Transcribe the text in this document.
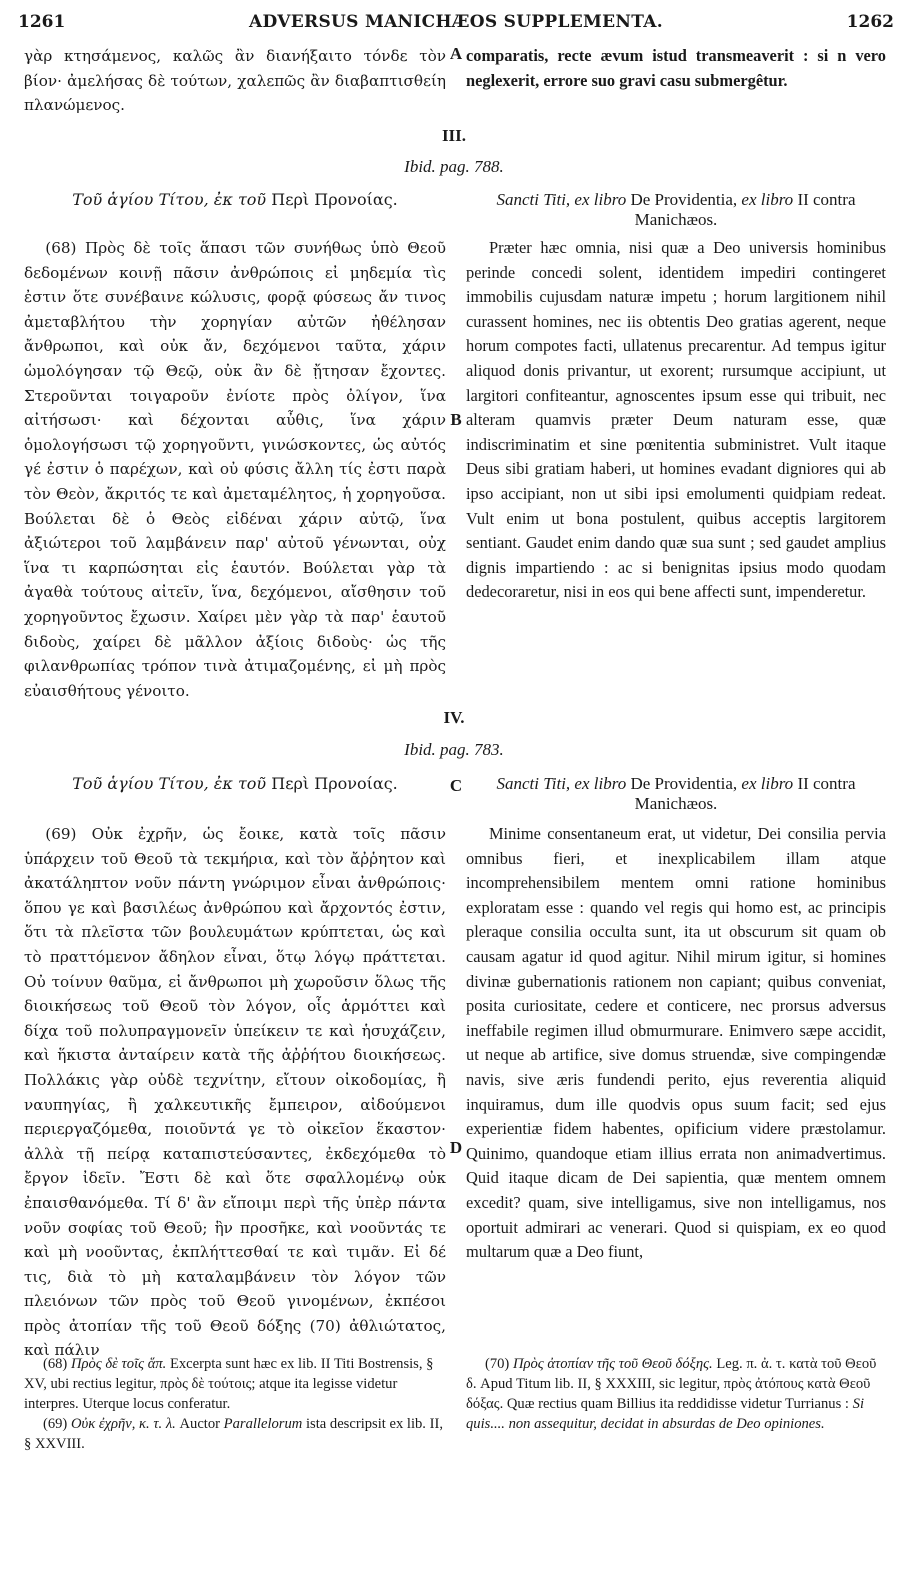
1261	ADVERSUS MANICHÆOS SUPPLEMENTA.	1262
γὰρ κτησάμενος, καλῶς ἂν διανήξαιτο τόνδε τὸν βίον· ἀμελήσας δὲ τούτων, χαλεπῶς ἂν διαβαπτισθείη πλανώμενος.
A comparatis, recte ævum istud transmeaverit : si n vero neglexerit, errore suo gravi casu submergêtur.
III.
Ibid. pag. 788.
Τοῦ ἁγίου Τίτου, ἐκ τοῦ Περὶ Προνοίας.	Sancti Titi, ex libro De Providentia, ex libro II contra Manichæos.

(68) Πρὸς δὲ τοῖς ἅπασι τῶν συνήθως ὑπὸ Θεοῦ δεδομένων κοινῇ πᾶσιν ἀνθρώποις εἰ μηδεμία τὶς ἐστιν ὅτε συνέβαινε κώλυσις, φορᾷ φύσεως ἄν τινος ἀμεταβλήτου τὴν χορηγίαν αὐτῶν ἠθέλησαν ἄνθρωποι, καὶ οὐκ ἄν, δεχόμενοι ταῦτα, χάριν ὡμολόγησαν τῷ Θεῷ, οὐκ ἂν δὲ ᾔτησαν ἔχοντες. Στεροῦνται τοιγαροῦν ἐνίοτε πρὸς ὀλίγον, ἵνα αἰτήσωσι· καὶ δέχονται αὖθις, ἵνα χάριν ὁμολογήσωσι τῷ χορηγοῦντι, γινώσκοντες, ὡς αὐτός γέ ἐστιν ὁ παρέχων, καὶ οὐ φύσις ἄλλη τίς ἐστι παρὰ τὸν Θεὸν, ἄκριτός τε καὶ ἀμεταμέλητος, ἡ χορηγοῦσα. Βούλεται δὲ ὁ Θεὸς εἰδέναι χάριν αὐτῷ, ἵνα ἀξιώτεροι τοῦ λαμβάνειν παρ' αὐτοῦ γένωνται, οὐχ ἵνα τι καρπώσηται εἰς ἑαυτόν. Βούλεται γὰρ τὰ ἀγαθὰ τούτους αἰτεῖν, ἵνα, δεχόμενοι, αἴσθησιν τοῦ χορηγοῦντος ἔχωσιν. Χαίρει μὲν γὰρ τὰ παρ' ἑαυτοῦ διδοὺς, χαίρει δὲ μᾶλλον ἀξίοις διδοὺς· ὡς τῆς φιλανθρωπίας τρόπον τινὰ ἀτιμαζομένης, εἰ μὴ πρὸς εὐαισθήτους γένοιτο.

B

Præter hæc omnia, nisi quæ a Deo universis hominibus perinde concedi solent, identidem impediri contingeret immobilis cujusdam naturæ impetu ; horum largitionem nihil curassent homines, nec iis obtentis Deo gratias agerent, neque horum compotes facti, ullatenus precarentur. Ad tempus igitur aliquod donis privantur, ut exorent; rursumque accipiunt, ut largitori confiteantur, agnoscentes ipsum esse qui tribuit, nec alteram quamvis præter Deum naturam esse, quæ indiscriminatim et sine pœnitentia subministret. Vult itaque Deus sibi gratiam haberi, ut homines evadant digniores qui ab ipso accipiant, non ut sibi ipsi emolumenti quidpiam redeat. Vult enim ut bona postulent, quibus acceptis largitorem sentiant. Gaudet enim dando quæ sua sunt ; sed gaudet amplius dignis impartiendo : ac si benignitas ipsius modo quodam dedecoraretur, nisi in eos qui bene affecti sunt, impenderetur.

IV.
Ibid. pag. 783.
Τοῦ ἁγίου Τίτου, ἐκ τοῦ Περὶ Προνοίας.	C	Sancti Titi, ex libro De Providentia, ex libro II contra Manichæos.

(69) Οὐκ ἐχρῆν, ὡς ἔοικε, κατὰ τοῖς πᾶσιν ὑπάρχειν τοῦ Θεοῦ τὰ τεκμήρια, καὶ τὸν ἄῤῥητον καὶ ἀκατάληπτον νοῦν πάντη γνώριμον εἶναι ἀνθρώποις· ὅπου γε καὶ βασιλέως ἀνθρώπου καὶ ἄρχοντός ἐστιν, ὅτι τὰ πλεῖστα τῶν βουλευμάτων κρύπτεται, ὡς καὶ τὸ πραττόμενον ἄδηλον εἶναι, ὅτῳ λόγῳ πράττεται. Οὐ τοίνυν θαῦμα, εἰ ἄνθρωποι μὴ χωροῦσιν ὅλως τῆς διοικήσεως τοῦ Θεοῦ τὸν λόγον, οἷς ἁρμόττει καὶ δίχα τοῦ πολυπραγμονεῖν ὑπείκειν τε καὶ ἡσυχάζειν, καὶ ἥκιστα ἀνταίρειν κατὰ τῆς ἀῤῥήτου διοικήσεως. Πολλάκις γὰρ οὐδὲ τεχνίτην, εἴτουν οἰκοδομίας, ἢ ναυπηγίας, ἢ χαλκευτικῆς ἔμπειρον, αἰδούμενοι περιεργαζόμεθα, ποιοῦντά γε τὸ οἰκεῖον ἕκαστον· ἀλλὰ τῇ πείρᾳ καταπιστεύσαντες, ἐκδεχόμεθα τὸ ἔργον ἰδεῖν. Ἔστι δὲ καὶ ὅτε σφαλλομένῳ οὐκ ἐπαισθανόμεθα. Τί δ' ἂν εἴποιμι περὶ τῆς ὑπὲρ πάντα νοῦν σοφίας τοῦ Θεοῦ; ἣν προσῆκε, καὶ νοοῦντάς τε καὶ μὴ νοοῦντας, ἐκπλήττεσθαί τε καὶ τιμᾶν. Εἰ δέ τις, διὰ τὸ μὴ καταλαμβάνειν τὸν λόγον τῶν πλειόνων τῶν πρὸς τοῦ Θεοῦ γινομένων, ἐκπέσοι πρὸς ἀτοπίαν τῆς τοῦ Θεοῦ δόξης (70) ἀθλιώτατος, καὶ πάλιν

D

Minime consentaneum erat, ut videtur, Dei consilia pervia omnibus fieri, et inexplicabilem illam atque incomprehensibilem mentem omni ratione hominibus exploratam esse : quando vel regis qui homo est, ac principis pleraque consilia occulta sunt, ita ut obscurum sit quam ob causam agatur id quod agitur. Nihil mirum igitur, si homines divinæ gubernationis rationem non capiant; quibus conveniat, posita curiositate, cedere et conticere, nec prorsus adversus ineffabile regimen illud obmurmurare. Enimvero sæpe accidit, ut neque ab artifice, sive domus struendæ, sive compingendæ navis, sive æris fundendi perito, ejus reverentia aliquid inquiramus, dum ille quodvis opus suum facit; sed ejus experientiæ fidem habentes, opificium videre præstolamur. Quinimo, quandoque etiam illius errata non animadvertimus. Quid itaque dicam de Dei sapientia, quæ mentem omnem excedit? quam, sive intelligamus, sive non intelligamus, nos oportuit admirari ac venerari. Quod si quispiam, ex eo quod multarum quæ a Deo fiunt,

(68) Πρὸς δὲ τοῖς ἅπ. Excerpta sunt hæc ex lib. II Titi Bostrensis, § XV, ubi rectius legitur, πρὸς δὲ τούτοις; atque ita legisse videtur interpres. Uterque locus conferatur.

(69) Οὐκ ἐχρῆν, κ. τ. λ. Auctor Parallelorum ista descripsit ex lib. II, § XXVIII.

(70) Πρὸς ἀτοπίαν τῆς τοῦ Θεοῦ δόξης. Leg. π. ἀ. τ. κατὰ τοῦ Θεοῦ δ. Apud Titum lib. II, § XXXIII, sic legitur, πρὸς ἀτόπους κατὰ Θεοῦ δόξας. Quæ rectius quam Billius ita reddidisse videtur Turrianus : Si quis.... non assequitur, decidat in absurdas de Deo opiniones.
